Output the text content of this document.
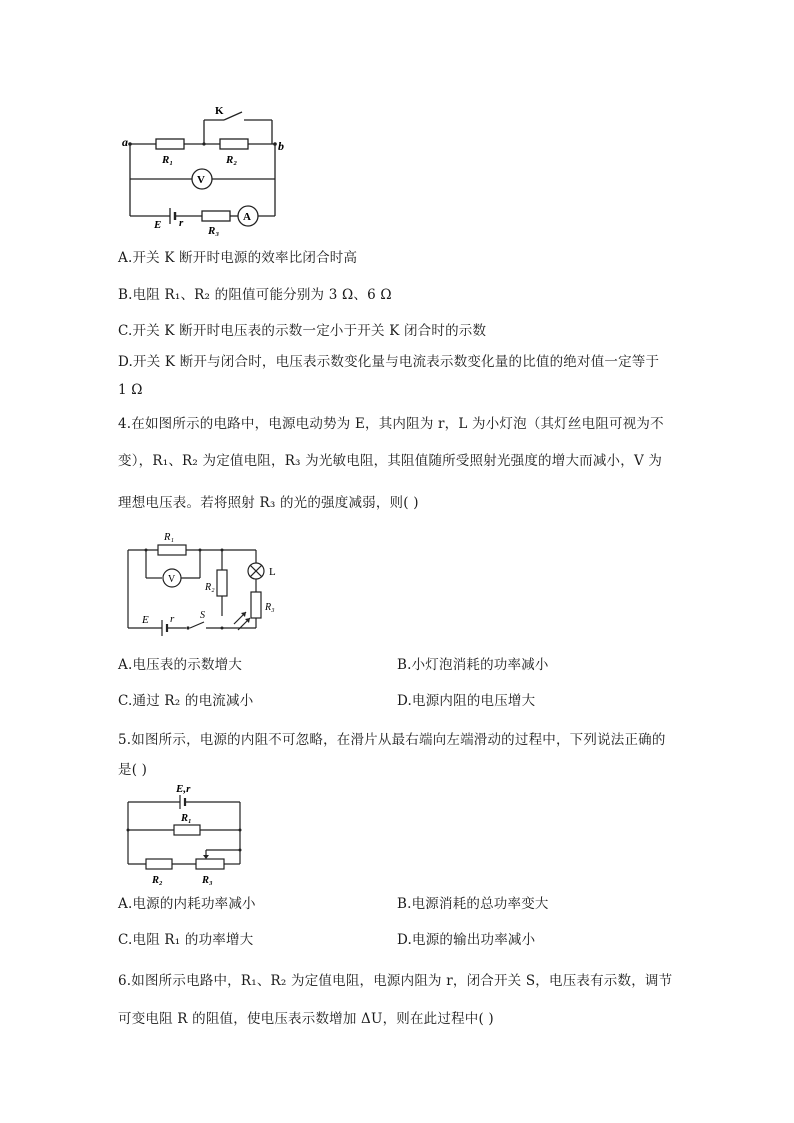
a	b
K
R₁	R₂
V
A
E r
R₃
A.开关 K 断开时电源的效率比闭合时高
B.电阻 R₁、R₂ 的阻值可能分别为 3 Ω、6 Ω
C.开关 K 断开时电压表的示数一定小于开关 K 闭合时的示数
D.开关 K 断开与闭合时，电压表示数变化量与电流表示数变化量的比值的绝对值一定等于
1 Ω
4.在如图所示的电路中，电源电动势为 E，其内阻为 r，L 为小灯泡（其灯丝电阻可视为不
变），R₁、R₂ 为定值电阻，R₃ 为光敏电阻，其阻值随所受照射光强度的增大而减小，V 为
理想电压表。若将照射 R₃ 的光的强度减弱，则( )
R₁
V
R₂
L
R₃
E r	S
A.电压表的示数增大	B.小灯泡消耗的功率减小
C.通过 R₂ 的电流减小	D.电源内阻的电压增大
5.如图所示，电源的内阻不可忽略，在滑片从最右端向左端滑动的过程中，下列说法正确的
是( )
E,r
R₁
R₂	R₃
A.电源的内耗功率减小	B.电源消耗的总功率变大
C.电阻 R₁ 的功率增大	D.电源的输出功率减小
6.如图所示电路中，R₁、R₂ 为定值电阻，电源内阻为 r，闭合开关 S，电压表有示数，调节
可变电阻 R 的阻值，使电压表示数增加 ΔU，则在此过程中( )
